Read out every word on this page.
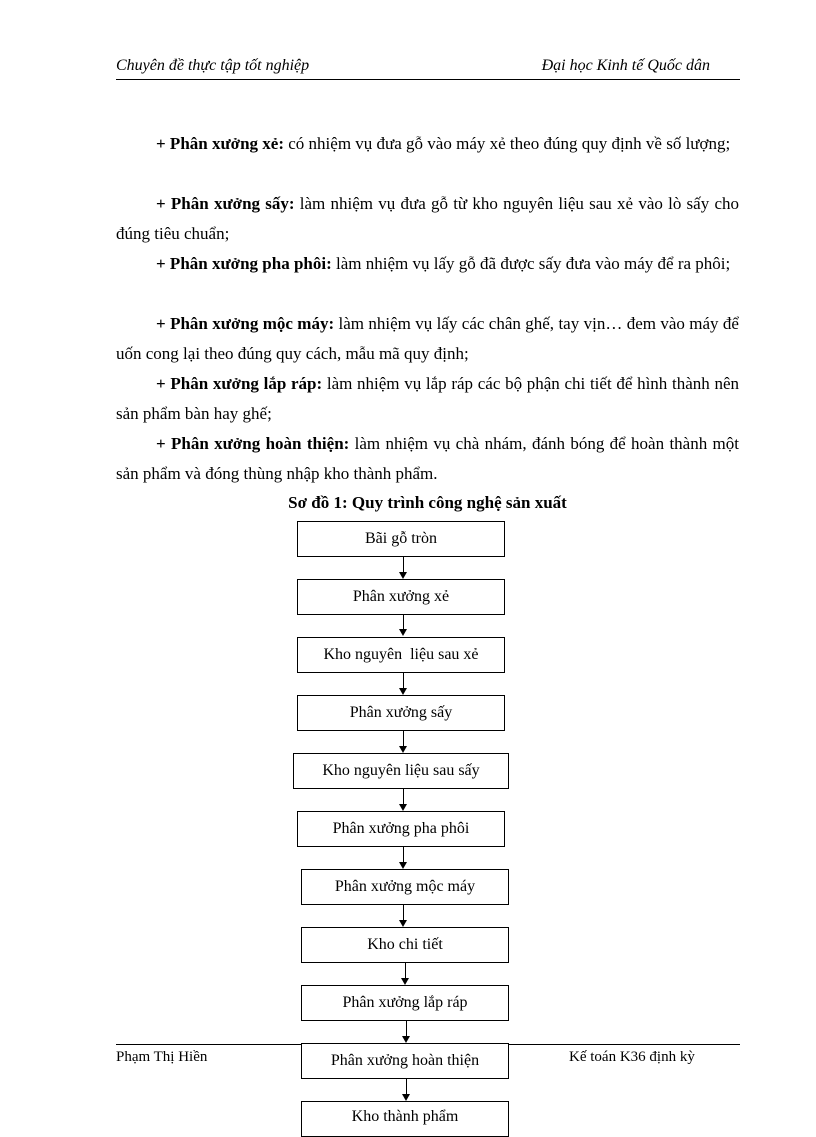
Chuyên đề thực tập tốt nghiệp	Đại học Kinh tế Quốc dân
+ Phân xưởng xẻ: có nhiệm vụ đưa gỗ vào máy xẻ theo đúng quy định về số lượng;
+ Phân xưởng sấy: làm nhiệm vụ đưa gỗ từ kho nguyên liệu sau xẻ vào lò sấy cho đúng tiêu chuẩn;
+ Phân xưởng pha phôi: làm nhiệm vụ lấy gỗ đã được sấy đưa vào máy để ra phôi;
+ Phân xưởng mộc máy: làm nhiệm vụ lấy các chân ghế, tay vịn… đem vào máy để uốn cong lại theo đúng quy cách, mẫu mã quy định;
+ Phân xưởng lắp ráp: làm nhiệm vụ lắp ráp các bộ phận chi tiết để hình thành nên sản phẩm bàn hay ghế;
+ Phân xưởng hoàn thiện: làm nhiệm vụ chà nhám, đánh bóng để hoàn thành một sản phẩm và đóng thùng nhập kho thành phẩm.
Sơ đồ 1: Quy trình công nghệ sản xuất
Bãi gỗ tròn
Phân xưởng xẻ
Kho nguyên  liệu sau xẻ
Phân xưởng sấy
Kho nguyên liệu sau sấy
Phân xưởng pha phôi
Phân xưởng mộc máy
Kho chi tiết
Phân xưởng lắp ráp
Phạm Thị Hiền	Kế toán K36 định kỳ
Phân xưởng hoàn thiện
Kho thành phẩm
